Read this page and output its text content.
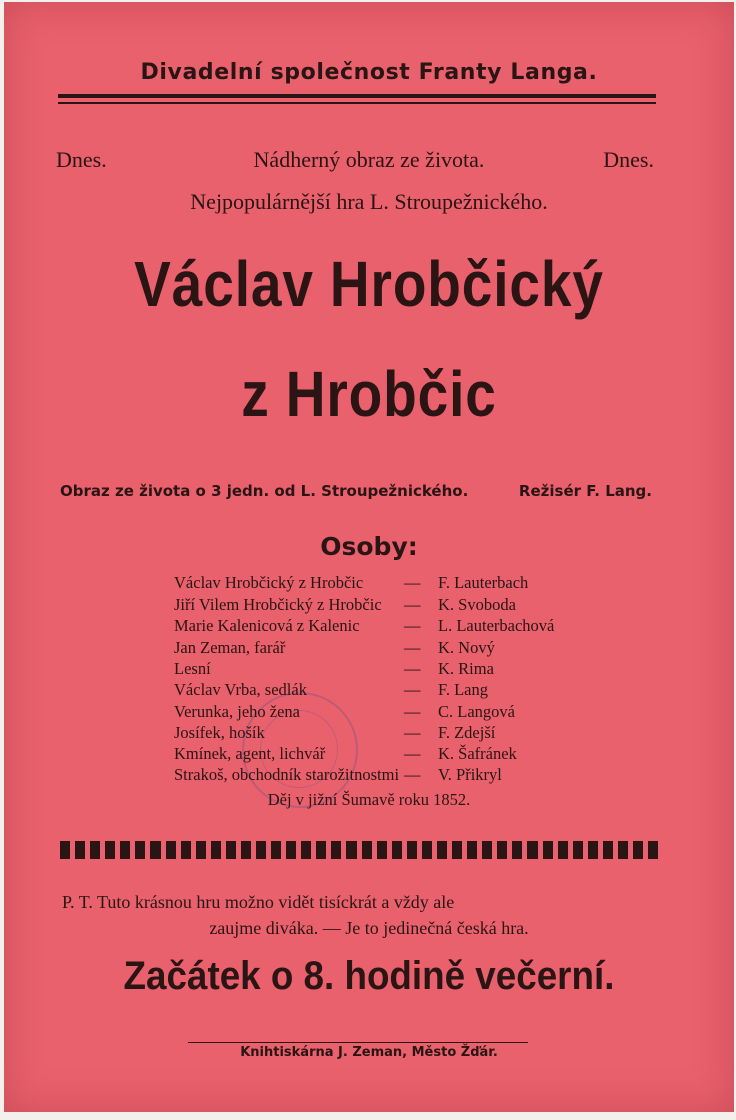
Divadelní společnost Franty Langa.
Dnes.	Nádherný obraz ze života.	Dnes.
Nejpopulárnější hra L. Stroupežnického.
Václav Hrobčický
z Hrobčic
Obraz ze života o 3 jedn. od L. Stroupežnického.	Režisér F. Lang.
Osoby:
Václav Hrobčický z Hrobčic — F. Lauterbach
Jiří Vilem Hrobčický z Hrobčic — K. Svoboda
Marie Kalenicová z Kalenic	— L. Lauterbachová
Jan Zeman, farář	— K. Nový
Lesní	— K. Rima
Václav Vrba, sedlák	— F. Lang
Verunka, jeho žena	— C. Langová
Josífek, hošík	— F. Zdejší
Kmínek, agent, lichvář	— K. Šafránek
Strakoš, obchodník starožitnostmi — V. Přikryl
Děj v jižní Šumavě roku 1852.
P. T. Tuto krásnou hru možno vidět tisíckrát a vždy ale
zaujme diváka. — Je to jedinečná česká hra.
Začátek o 8. hodině večerní.
Knihtiskárna J. Zeman, Město Žďár.
